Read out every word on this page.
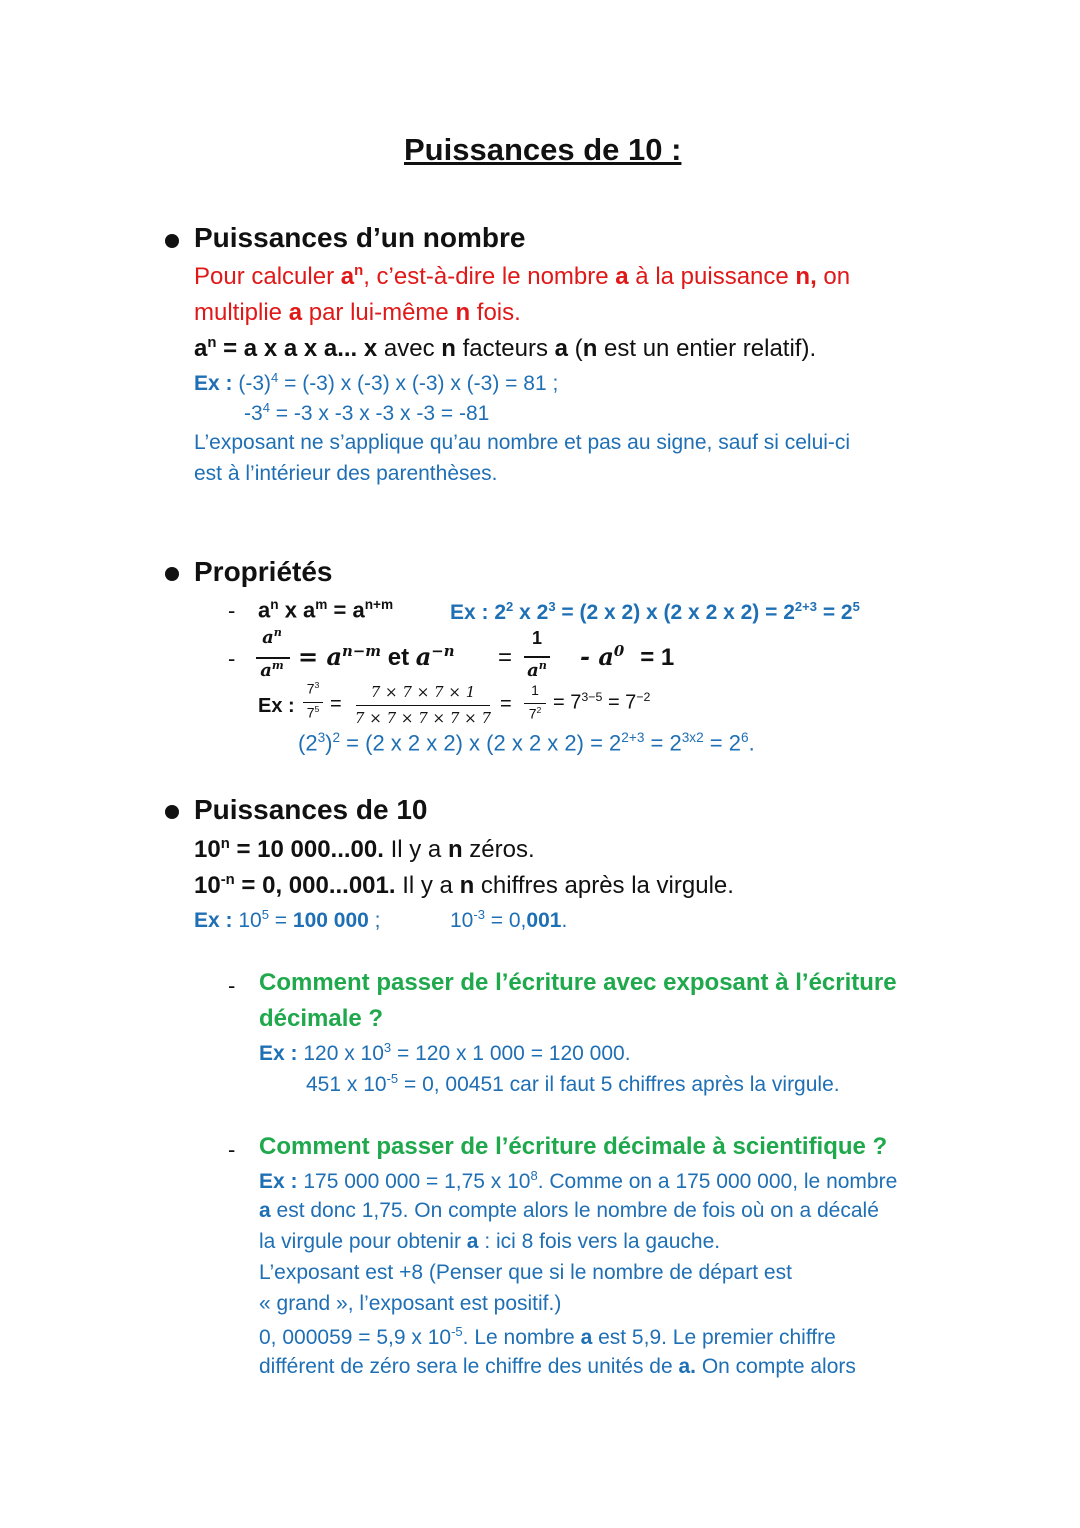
Puissances de 10 :
Puissances d’un nombre
Pour calculer $a^n$, c’est-à-dire le nombre a à la puissance n, on
multiplie a par lui-même n fois.
$a^n = a$ x a x a... x avec n facteurs a (n est un entier relatif).
Ex : $(-3)^4 = (-3)$ x (-3) x (-3) x (-3) = 81 ;
$-3^4 = -3$ x -3 x -3 x -3 = -81
L’exposant ne s’applique qu’au nombre et pas au signe, sauf si celui-ci
est à l’intérieur des parenthèses.
Propriétés
- $a^n$ x $a^m = a^{n+m}$	Ex : $2^2$ x $2^3 = (2$ x 2) x (2 x 2 x $2) = 2^{2+3} = 2^5$
-
$a^n$
$a^m = a^{n-m}$ et $a^{-n}$ =
1
$a^n - a^0 = 1$
Ex :
$7^3$
$7^5$ =
7 × 7 × 7 × 1
7 × 7 × 7 × 7 × 7
=
1
$7^2 = 7^{3-5} = 7^{-2}$
$(2^3)^2 = (2$ x 2 x 2) x (2 x 2 x $2) = 2^{2+3} = 2^{3x2} = 2^6$.
Puissances de 10
$10^n = 10$ 000...00. Il y a n zéros.
$10^{-n} = 0$, 000...001. Il y a n chiffres après la virgule.
Ex : $10^5 = 100$ 000 ;	$10^{-3} = 0,001$.
- Comment passer de l’écriture avec exposant à l’écriture
décimale ?
Ex : 120 x $10^3 = 120$ x 1 000 = 120 000.
451 x $10^{-5} = 0$, 00451 car il faut 5 chiffres après la virgule.
- Comment passer de l’écriture décimale à scientifique ?
Ex : 175 000 000 = 1,75 x $10^8$. Comme on a 175 000 000, le nombre
a est donc 1,75. On compte alors le nombre de fois où on a décalé
la virgule pour obtenir a : ici 8 fois vers la gauche.
L’exposant est +8 (Penser que si le nombre de départ est
« grand », l’exposant est positif.)
0, 000059 = 5,9 x $10^{-5}$. Le nombre a est 5,9. Le premier chiffre
différent de zéro sera le chiffre des unités de a. On compte alors
